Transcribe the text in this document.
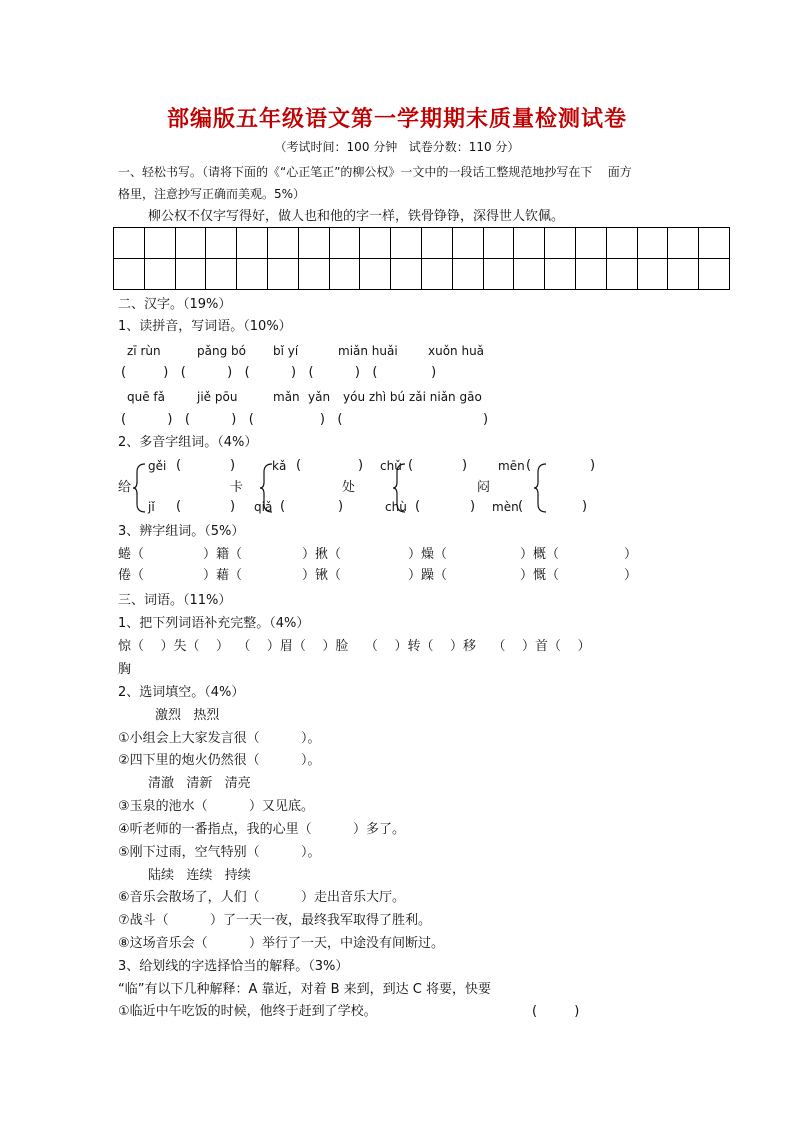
部编版五年级语文第一学期期末质量检测试卷
（考试时间：100 分钟   试卷分数：110 分）
一、轻松书写。（请将下面的《“心正笔正”的柳公权》一文中的一段话工整规范地抄写在下    面方
格里，注意抄写正确而美观。5%）
柳公权不仅字写得好，做人也和他的字一样，铁骨铮铮，深得世人钦佩。
二、汉字。（19%）
1、读拼音，写词语。（10%）
zī rùn	pǎng bó bǐ yí	miǎn huǎi	xuǒn huǎ
(         )   (          )   (          )   (          )   (             )
quē fǎ	jiě pōu	mǎn yǎn yóu zhì bú zǎi niǎn gāo
(          )   (          )   (                )   (                                  )
2、多音字组词。（4%）
给
gěi (	)
jǐ (	)
卡
kǎ (	)
qiǎ (	)
处
chǔ (	)
chù (	)
闷
mēn (	)
mèn (	)
3、辨字组词。（5%）
蜷（	）籍（	）揪（	）燥（	）概（	）
倦（	）藉（	）锹（	）躁（	）慨（	）
三、词语。（11%）
1、把下列词语补充完整。（4%）
惊（    ）失（    ）  （    ）眉（    ）脸    （    ）转（    ）移    （    ）首（    ）
胸
2、选词填空。（4%）
激烈   热烈
①小组会上大家发言很（          ）。
②四下里的炮火仍然很（          ）。
清澈   清新   清亮
③玉泉的池水（          ）又见底。
④听老师的一番指点，我的心里（          ）多了。
⑤刚下过雨，空气特别（          ）。
陆续   连续   持续
⑥音乐会散场了，人们（          ）走出音乐大厅。
⑦战斗（          ）了一天一夜，最终我军取得了胜利。
⑧这场音乐会（          ）举行了一天，中途没有间断过。
3、给划线的字选择恰当的解释。（3%）
“临”有以下几种解释：A 靠近，对着 B 来到，到达 C 将要，快要
①临近中午吃饭的时候，他终于赶到了学校。	(         )
